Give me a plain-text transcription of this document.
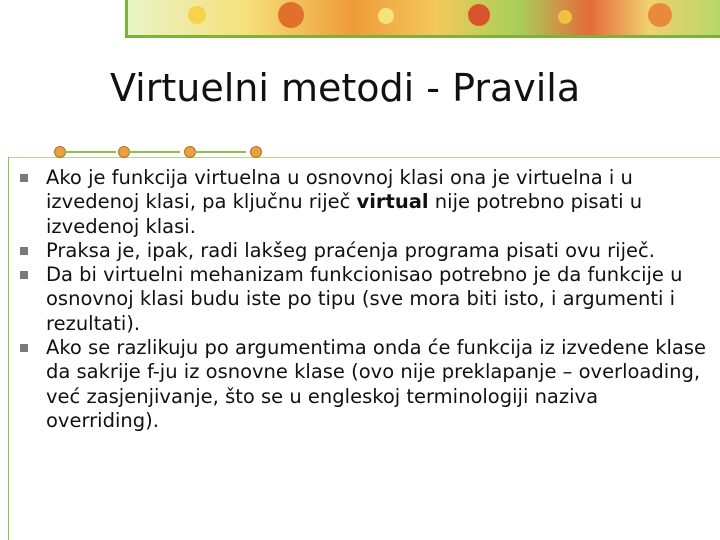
Virtuelni metodi - Pravila
Ako je funkcija virtuelna u osnovnoj klasi ona je virtuelna i u izvedenoj klasi, pa ključnu riječ virtual nije potrebno pisati u izvedenoj klasi.
Praksa je, ipak, radi lakšeg praćenja programa pisati ovu riječ.
Da bi virtuelni mehanizam funkcionisao potrebno je da funkcije u osnovnoj klasi budu iste po tipu (sve mora biti isto, i argumenti i rezultati).
Ako se razlikuju po argumentima onda će funkcija iz izvedene klase da sakrije f-ju iz osnovne klase (ovo nije preklapanje – overloading, već zasjenjivanje, što se u engleskoj terminologiji naziva overriding).
